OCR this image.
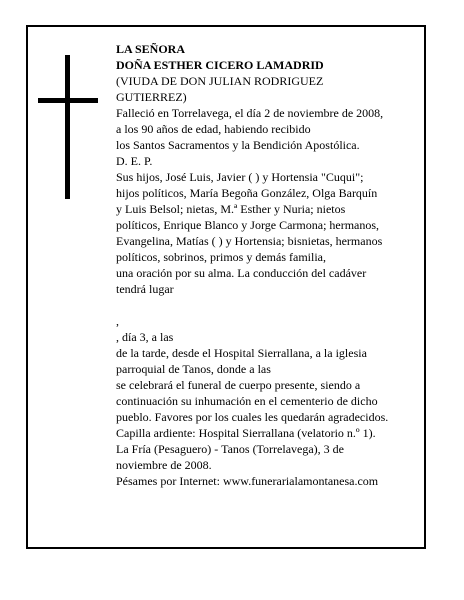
LA SEÑORA
DOÑA ESTHER CICERO LAMADRID
(VIUDA DE DON JULIAN RODRIGUEZ
GUTIERREZ)
Falleció en Torrelavega, el día 2 de noviembre de 2008,
a los 90 años de edad, habiendo recibido
los Santos Sacramentos y la Bendición Apostólica.
D. E. P.
Sus hijos, José Luis, Javier ( ) y Hortensia "Cuqui";
hijos políticos, María Begoña González, Olga Barquín
y Luis Belsol; nietas, M.ª Esther y Nuria; nietos
políticos, Enrique Blanco y Jorge Carmona; hermanos,
Evangelina, Matías ( ) y Hortensia; bisnietas, hermanos
políticos, sobrinos, primos y demás familia,
una oración por su alma. La conducción del cadáver
tendrá lugar
,
, día 3, a las
de la tarde, desde el Hospital Sierrallana, a la iglesia
parroquial de Tanos, donde a las
se celebrará el funeral de cuerpo presente, siendo a
continuación su inhumación en el cementerio de dicho
pueblo. Favores por los cuales les quedarán agradecidos.
Capilla ardiente: Hospital Sierrallana (velatorio n.º 1).
La Fría (Pesaguero) - Tanos (Torrelavega), 3 de
noviembre de 2008.
Pésames por Internet: www.funerarialamontanesa.com
